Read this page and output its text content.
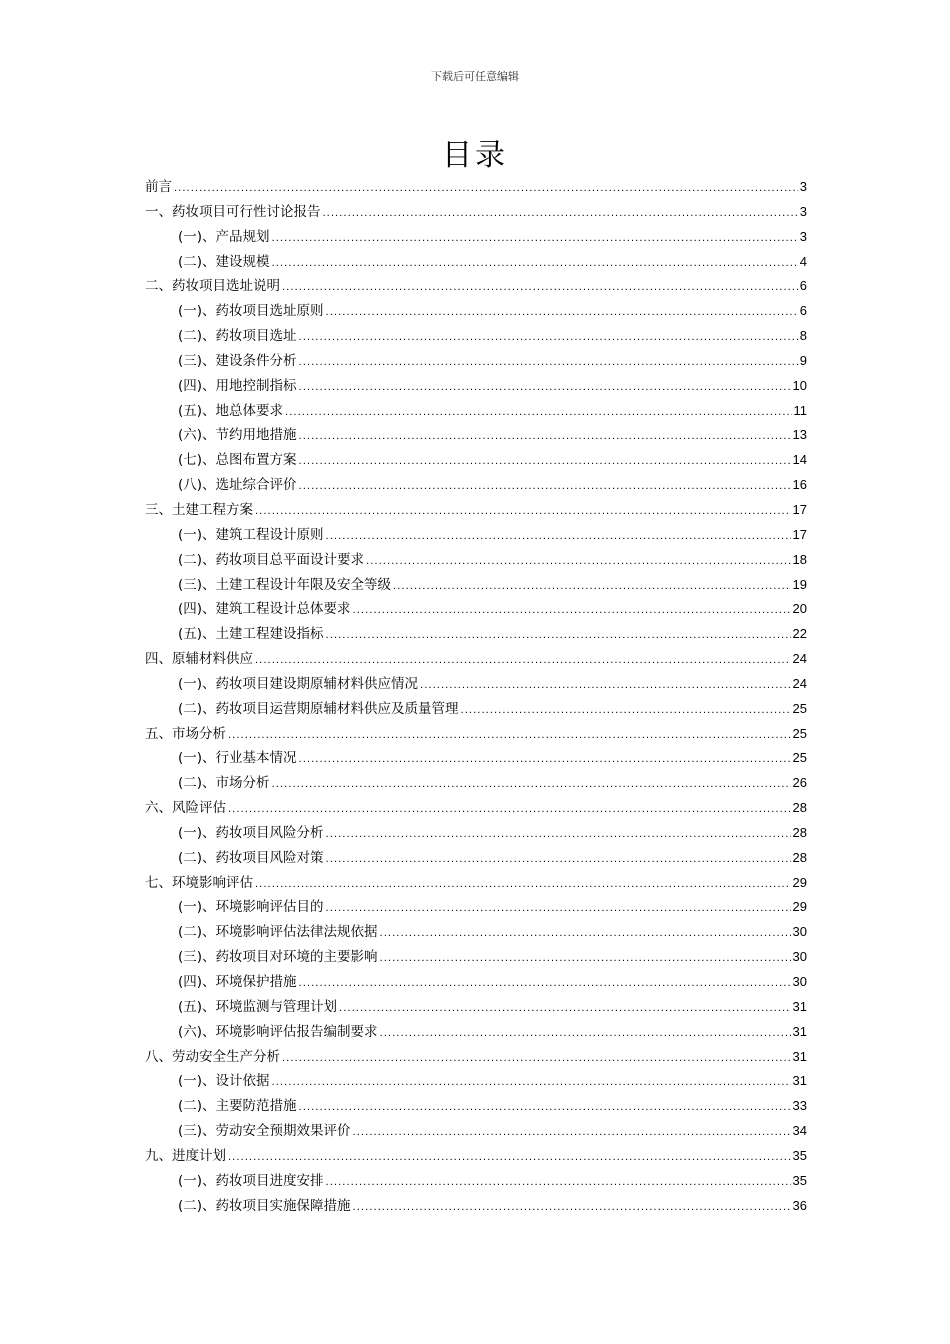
下载后可任意编辑
目录
前言 .....	3
一、药妆项目可行性讨论报告 .....	3
(一)、产品规划 .....	3
(二)、建设规模 .....	4
二、药妆项目选址说明 .....	6
(一)、药妆项目选址原则 .....	6
(二)、药妆项目选址 .....	8
(三)、建设条件分析 .....	9
(四)、用地控制指标 .....	10
(五)、地总体要求 .....	11
(六)、节约用地措施 .....	13
(七)、总图布置方案 .....	14
(八)、选址综合评价 .....	16
三、土建工程方案 .....	17
(一)、建筑工程设计原则 .....	17
(二)、药妆项目总平面设计要求 .....	18
(三)、土建工程设计年限及安全等级 .....	19
(四)、建筑工程设计总体要求 .....	20
(五)、土建工程建设指标 .....	22
四、原辅材料供应 .....	24
(一)、药妆项目建设期原辅材料供应情况 .....	24
(二)、药妆项目运营期原辅材料供应及质量管理 .....	25
五、市场分析 .....	25
(一)、行业基本情况 .....	25
(二)、市场分析 .....	26
六、风险评估 .....	28
(一)、药妆项目风险分析 .....	28
(二)、药妆项目风险对策 .....	28
七、环境影响评估 .....	29
(一)、环境影响评估目的 .....	29
(二)、环境影响评估法律法规依据 .....	30
(三)、药妆项目对环境的主要影响 .....	30
(四)、环境保护措施 .....	30
(五)、环境监测与管理计划 .....	31
(六)、环境影响评估报告编制要求 .....	31
八、劳动安全生产分析 .....	31
(一)、设计依据 .....	31
(二)、主要防范措施 .....	33
(三)、劳动安全预期效果评价 .....	34
九、进度计划 .....	35
(一)、药妆项目进度安排 .....	35
(二)、药妆项目实施保障措施 .....	36
